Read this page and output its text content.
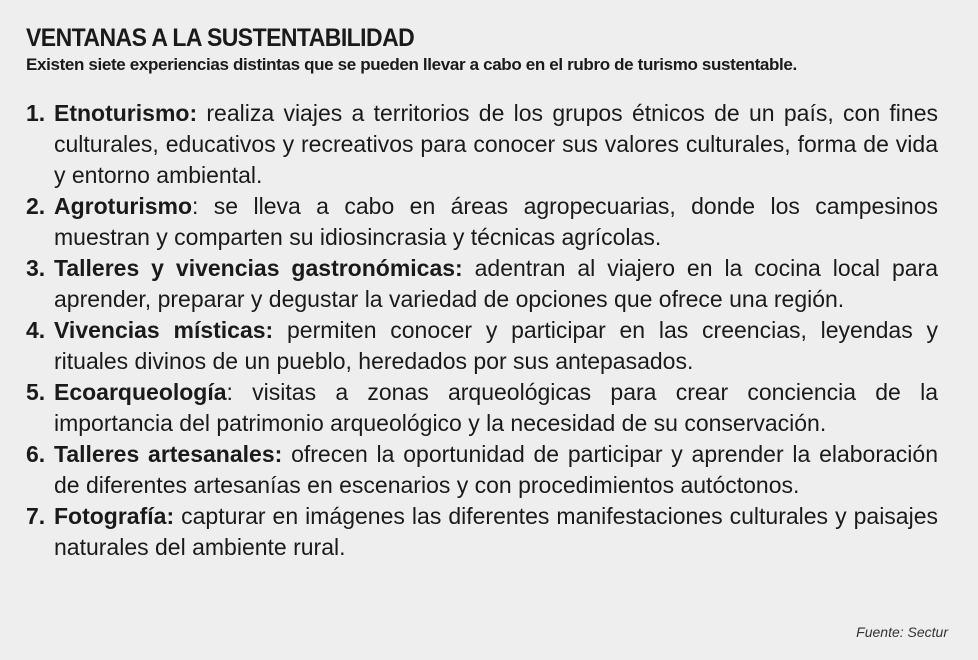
VENTANAS A LA SUSTENTABILIDAD

Existen siete experiencias distintas que se pueden llevar a cabo en el rubro de turismo sustentable.

1. Etnoturismo: realiza viajes a territorios de los grupos étnicos de un país, con fines culturales, educativos y recreativos para conocer sus valores culturales, forma de vida y entorno ambiental.
2. Agroturismo: se lleva a cabo en áreas agropecuarias, donde los campesinos muestran y comparten su idiosincrasia y técnicas agrícolas.
3. Talleres y vivencias gastronómicas: adentran al viajero en la cocina local para aprender, preparar y degustar la variedad de opciones que ofrece una región.
4. Vivencias místicas: permiten conocer y participar en las creencias, leyendas y rituales divinos de un pueblo, heredados por sus antepasados.
5. Ecoarqueología: visitas a zonas arqueológicas para crear conciencia de la importancia del patrimonio arqueológico y la necesidad de su conservación.
6. Talleres artesanales: ofrecen la oportunidad de participar y aprender la elaboración de diferentes artesanías en escenarios y con procedimientos autóctonos.
7. Fotografía: capturar en imágenes las diferentes manifestaciones culturales y paisajes naturales del ambiente rural.
Fuente: Sectur
